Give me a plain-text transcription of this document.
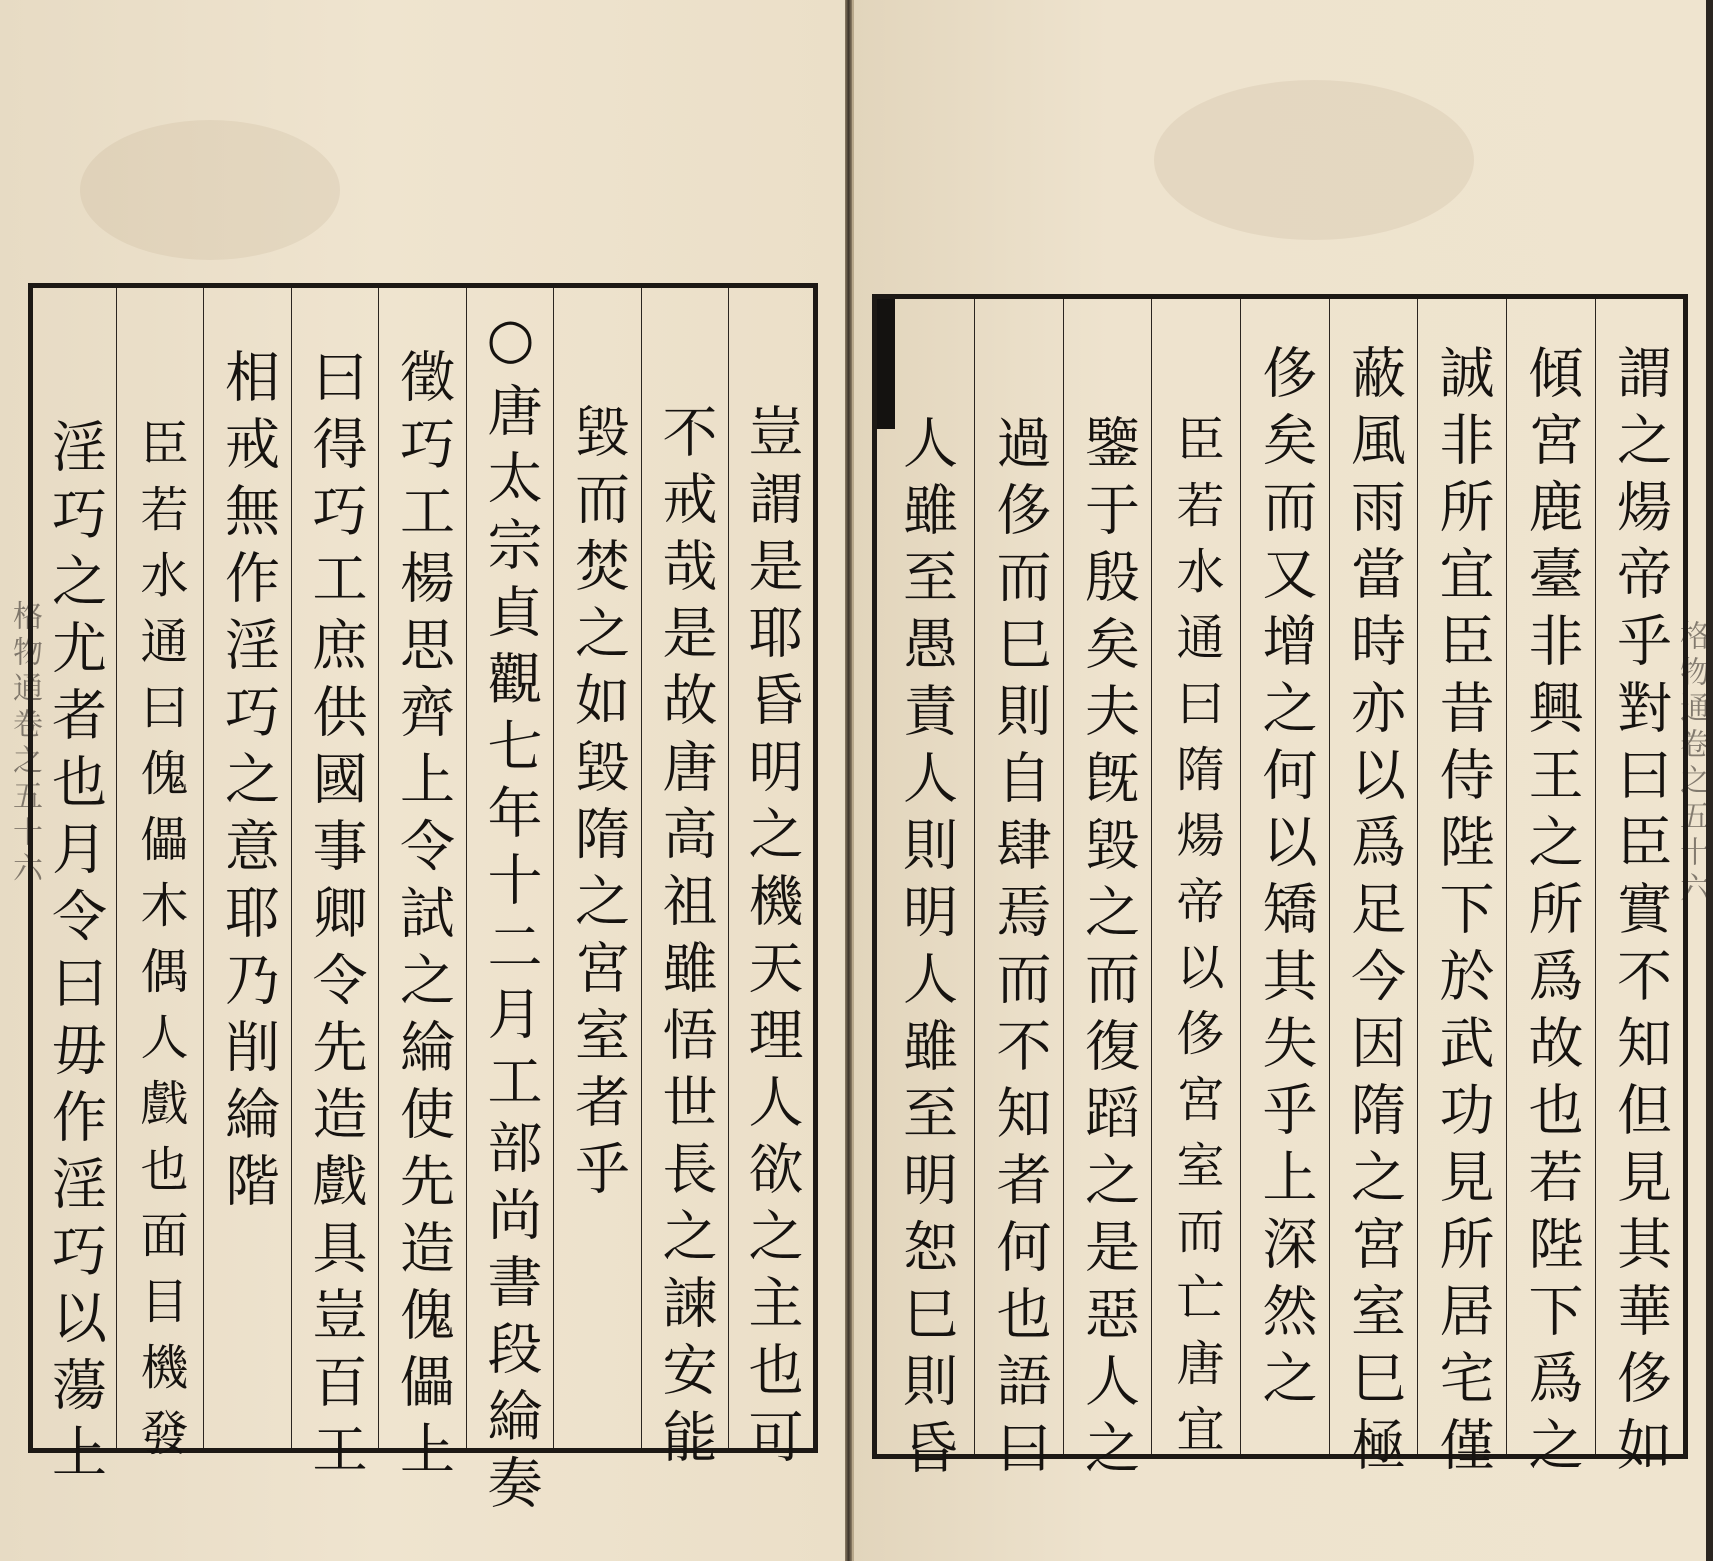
格物通卷之五十六	豈謂是耶昏明之機天理人欲之主也可
不戒哉是故唐高祖雖悟世長之諫安能
毀而焚之如毀隋之宮室者乎
○唐太宗貞觀七年十二月工部尚書段綸奏
徵巧工楊思齊上令試之綸使先造傀儡上
曰得巧工庶供國事卿令先造戲具豈百工
相戒無作淫巧之意耶乃削綸階
臣若水通曰傀儡木偶人戲也面目機發
淫巧之尤者也月令曰毋作淫巧以蕩上	格物通卷之五十六
謂之煬帝乎對曰臣實不知但見其華侈如
傾宮鹿臺非興王之所爲故也若陛下爲之
誠非所宜臣昔侍陛下於武功見所居宅僅
蔽風雨當時亦以爲足今因隋之宮室巳極
侈矣而又增之何以矯其失乎上深然之
臣若水通曰隋煬帝以侈宮室而亡唐宜
鑒于殷矣夫旣毀之而復蹈之是惡人之
過侈而巳則自肆焉而不知者何也語曰
人雖至愚責人則明人雖至明恕巳則昏
